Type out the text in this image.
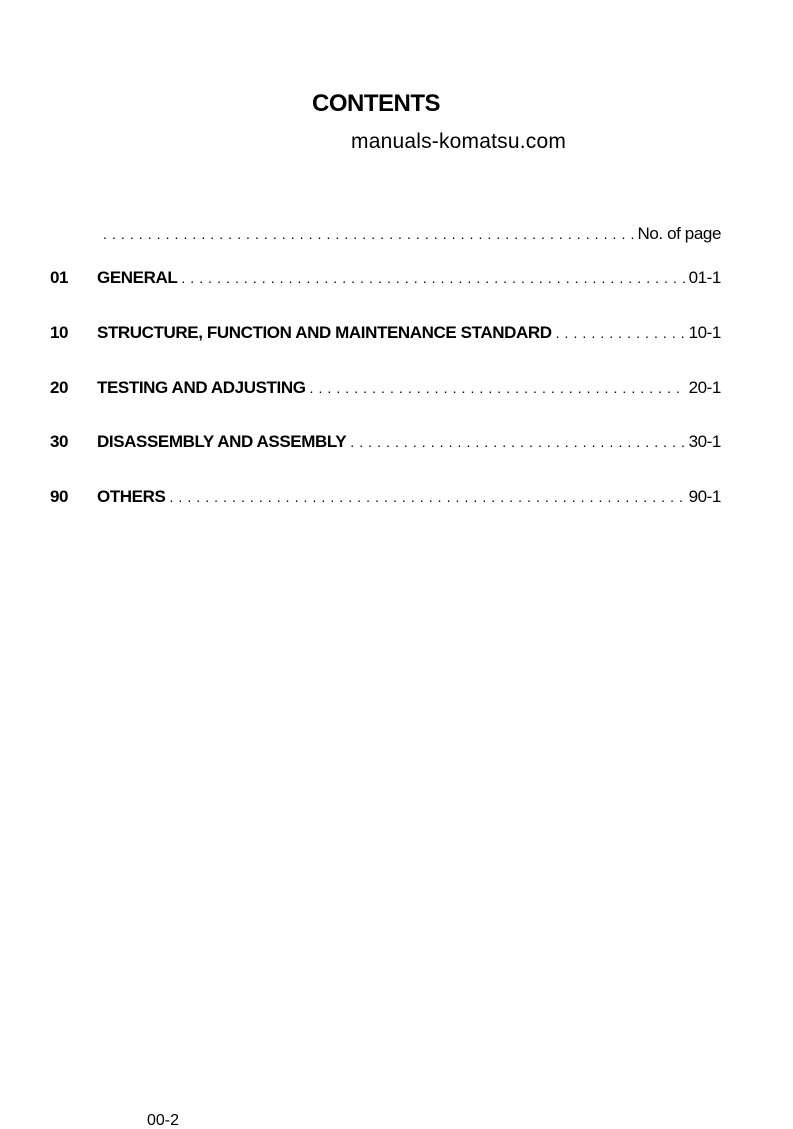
CONTENTS
manuals-komatsu.com
.....
No. of page
01	GENERAL .....	01-1
10	STRUCTURE, FUNCTION AND MAINTENANCE STANDARD .....	10-1
20	TESTING AND ADJUSTING .....	20-1
30	DISASSEMBLY AND ASSEMBLY .....	30-1
90	OTHERS .....	90-1
00-2
